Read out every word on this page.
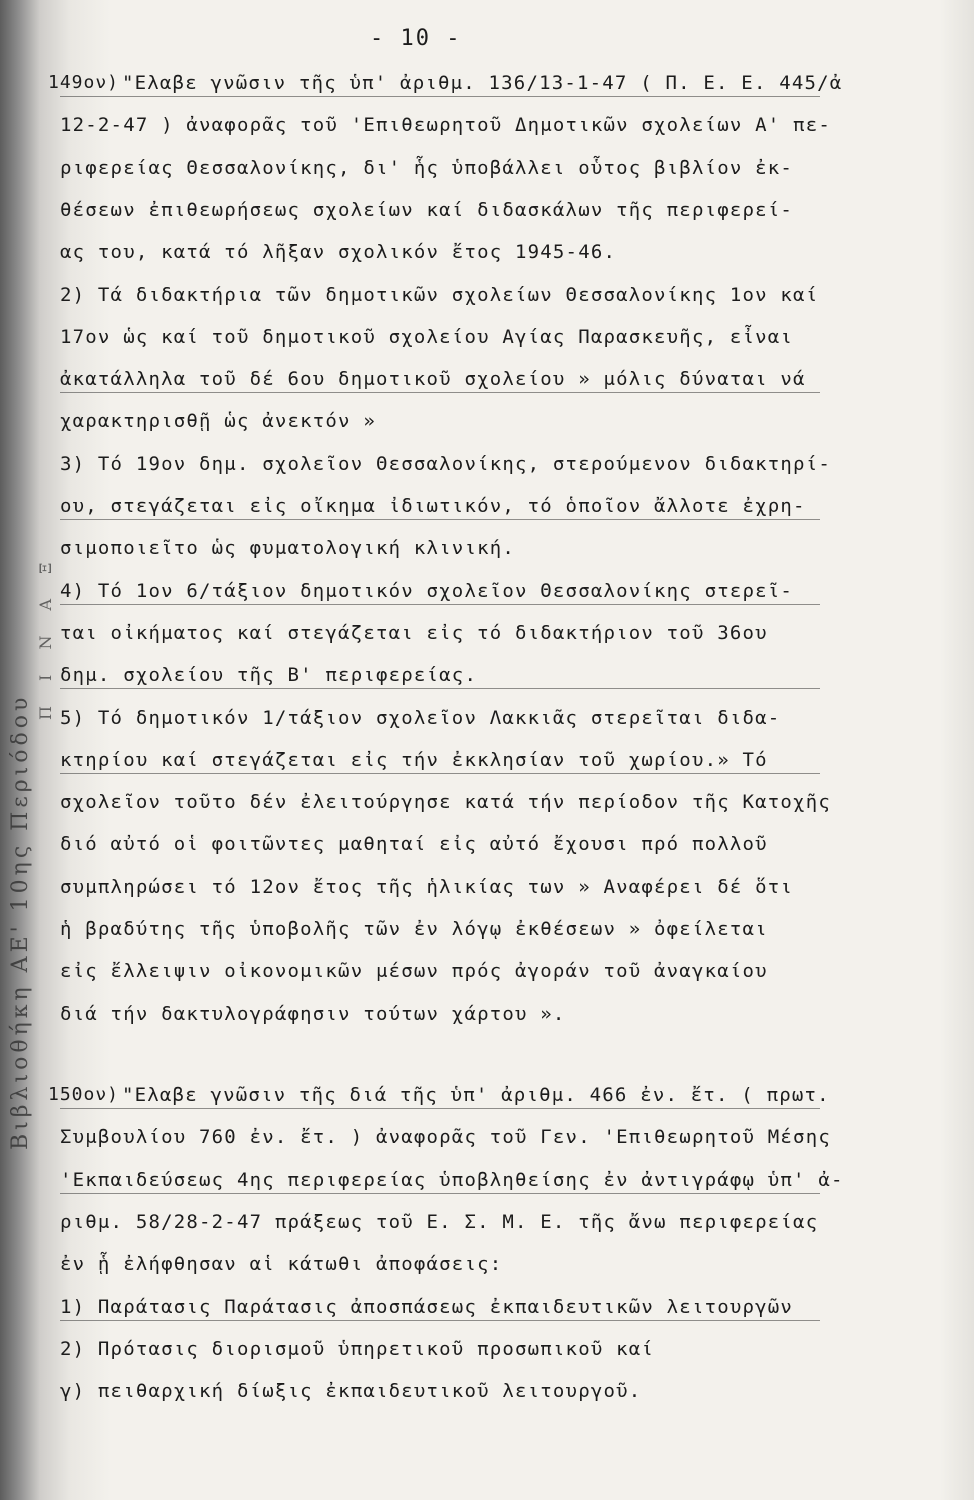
Βιβλιοθήκη ΑΕ' 10ης Περιόδου
Π Ι Ν Α Ξ
- 10 -
149ον) "Ελαβε γνῶσιν τῆς ὑπ' ἀριθμ. 136/13-1-47 ( Π. Ε. Ε. 445/ἀ
12-2-47 ) ἀναφορᾶς τοῦ 'Επιθεωρητοῦ Δημοτικῶν σχολείων Α' πε-
ριφερείας Θεσσαλονίκης, δι' ἧς ὑποβάλλει οὗτος βιβλίον ἐκ-
θέσεων ἐπιθεωρήσεως σχολείων καί διδασκάλων τῆς περιφερεί-
ας του, κατά τό λῆξαν σχολικόν ἔτος 1945-46.
2) Τά διδακτήρια τῶν δημοτικῶν σχολείων Θεσσαλονίκης 1ον καί
17ον ὡς καί τοῦ δημοτικοῦ σχολείου Αγίας Παρασκευῆς, εἶναι
ἀκατάλληλα τοῦ δέ 6ου δημοτικοῦ σχολείου » μόλις δύναται νά
χαρακτηρισθῇ ὡς ἀνεκτόν »
3) Τό 19ον δημ. σχολεῖον Θεσσαλονίκης, στερούμενον διδακτηρί-
ου, στεγάζεται εἰς οἴκημα ἰδιωτικόν, τό ὁποῖον ἄλλοτε ἐχρη-
σιμοποιεῖτο ὡς φυματολογική κλινική.
4) Τό 1ον 6/τάξιον δημοτικόν σχολεῖον Θεσσαλονίκης στερεῖ-
ται οἰκήματος καί στεγάζεται εἰς τό διδακτήριον τοῦ 36ου
δημ. σχολείου τῆς Β' περιφερείας.
5) Τό δημοτικόν 1/τάξιον σχολεῖον Λακκιᾶς στερεῖται διδα-
κτηρίου καί στεγάζεται εἰς τήν ἐκκλησίαν τοῦ χωρίου.» Τό
σχολεῖον τοῦτο δέν ἐλειτούργησε κατά τήν περίοδον τῆς Κατοχῆς
διό αὐτό οἱ φοιτῶντες μαθηταί εἰς αὐτό ἔχουσι πρό πολλοῦ
συμπληρώσει τό 12ον ἔτος τῆς ἡλικίας των » Αναφέρει δέ ὅτι
ἡ βραδύτης τῆς ὑποβολῆς τῶν ἐν λόγῳ ἐκθέσεων » ὀφείλεται
εἰς ἔλλειψιν οἰκονομικῶν μέσων πρός ἀγοράν τοῦ ἀναγκαίου
διά τήν δακτυλογράφησιν τούτων χάρτου ».
150ον) "Ελαβε γνῶσιν τῆς διά τῆς ὑπ' ἀριθμ. 466 ἐν. ἔτ. ( πρωτ.
Συμβουλίου 760 ἐν. ἔτ. ) ἀναφορᾶς τοῦ Γεν. 'Επιθεωρητοῦ Μέσης
'Εκπαιδεύσεως 4ης περιφερείας ὑποβληθείσης ἐν ἀντιγράφῳ ὑπ' ἀ-
ριθμ. 58/28-2-47 πράξεως τοῦ Ε. Σ. Μ. Ε. τῆς ἄνω περιφερείας
ἐν ᾗ ἐλήφθησαν αἱ κάτωθι ἀποφάσεις:
1) Παράτασις Παράτασις ἀποσπάσεως ἐκπαιδευτικῶν λειτουργῶν
2) Πρότασις διορισμοῦ ὑπηρετικοῦ προσωπικοῦ καί
γ) πειθαρχική δίωξις ἐκπαιδευτικοῦ λειτουργοῦ.
